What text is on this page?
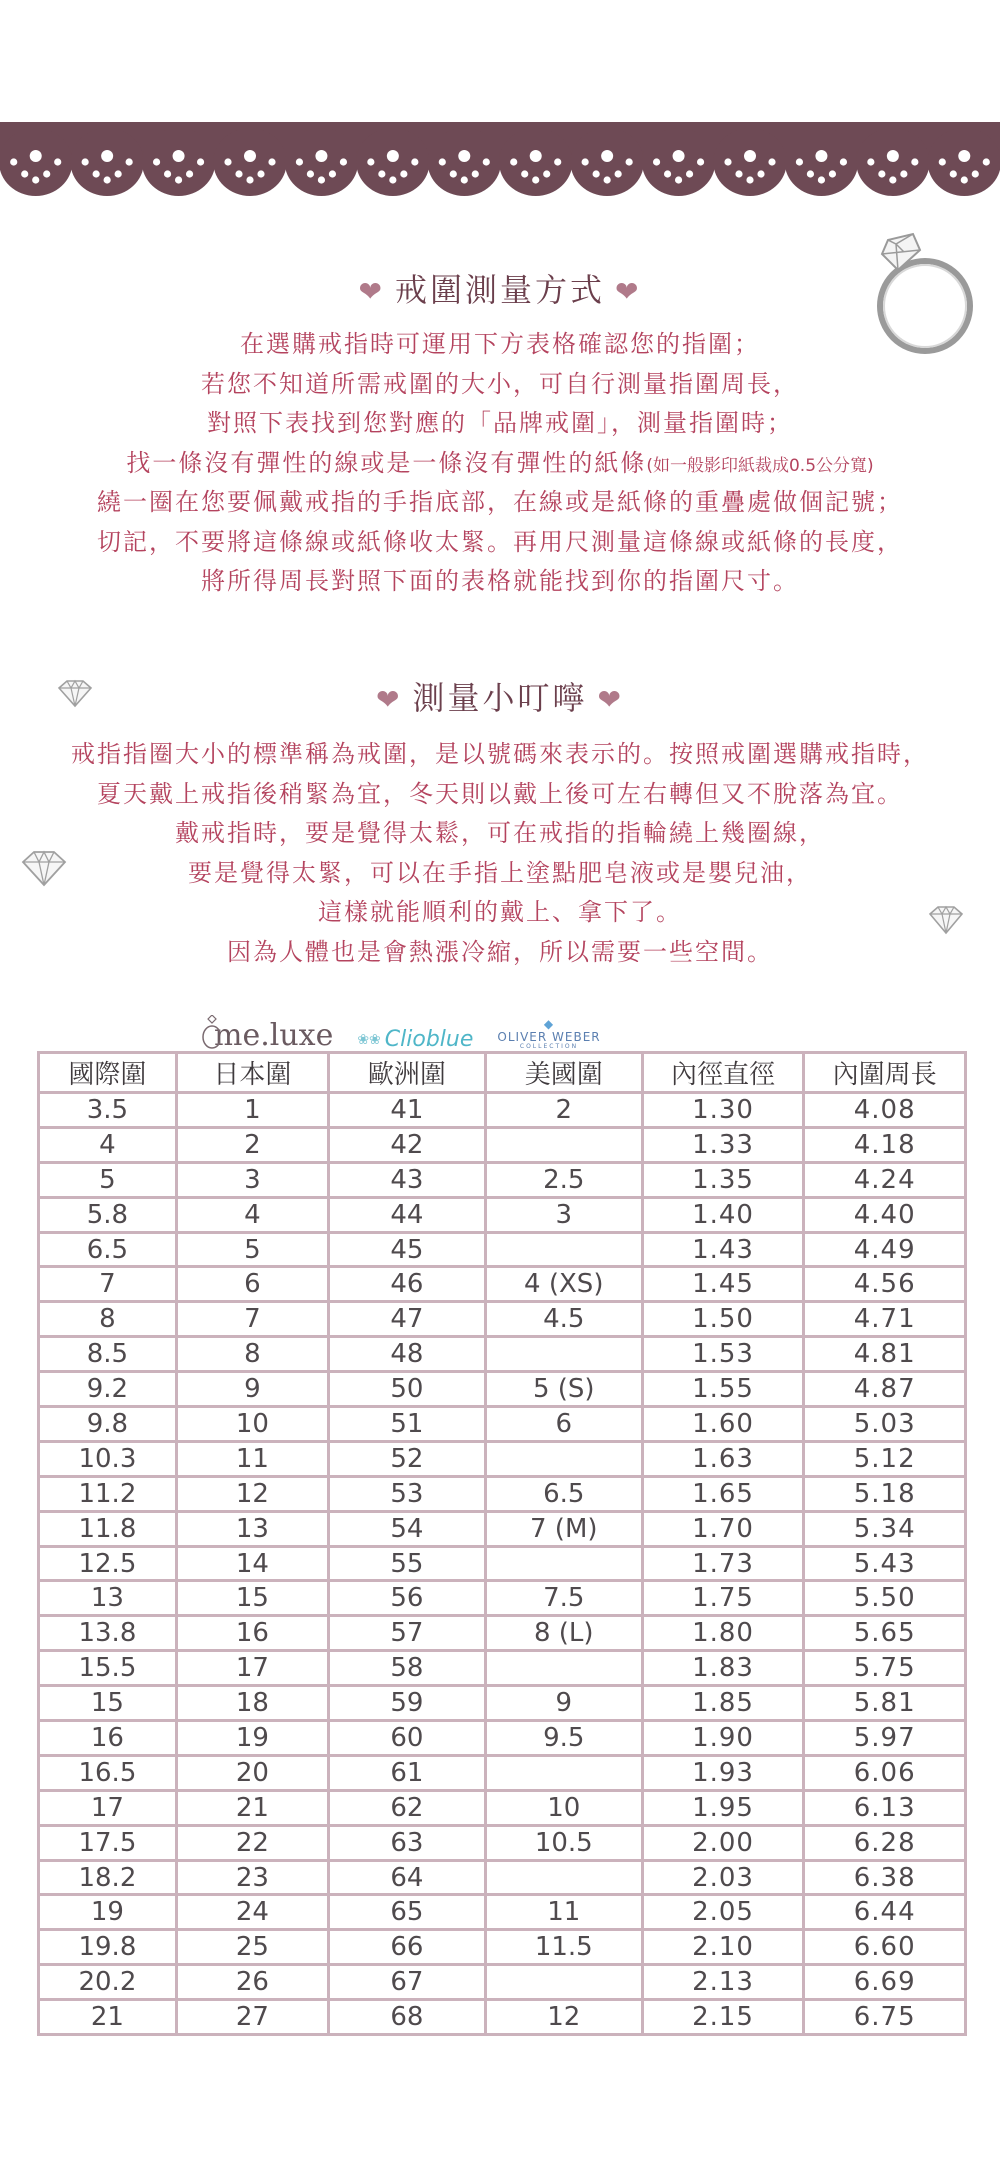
❤ 戒圍測量方式 ❤
在選購戒指時可運用下方表格確認您的指圍；
若您不知道所需戒圍的大小，可自行測量指圍周長，
對照下表找到您對應的「品牌戒圍」，測量指圍時；
找一條沒有彈性的線或是一條沒有彈性的紙條(如一般影印紙裁成0.5公分寬)
繞一圈在您要佩戴戒指的手指底部，在線或是紙條的重疊處做個記號；
切記，不要將這條線或紙條收太緊。再用尺測量這條線或紙條的長度，
將所得周長對照下面的表格就能找到你的指圍尺寸。
❤ 測量小叮嚀 ❤
戒指指圈大小的標準稱為戒圍，是以號碼來表示的。按照戒圍選購戒指時，
夏天戴上戒指後稍緊為宜，冬天則以戴上後可左右轉但又不脫落為宜。
戴戒指時，要是覺得太鬆，可在戒指的指輪繞上幾圈線，
要是覺得太緊，可以在手指上塗點肥皂液或是嬰兒油，
這樣就能順利的戴上、拿下了。
因為人體也是會熱漲冷縮，所以需要一些空間。
me.luxe ❀❀ Clioblue
◆
OLIVER WEBER
COLLECTION
國際圍	日本圍	歐洲圍	美國圍	內徑直徑	內圍周長
3.5	1	41	2	1.30	4.08
4	2	42		1.33	4.18
5	3	43	2.5	1.35	4.24
5.8	4	44	3	1.40	4.40
6.5	5	45		1.43	4.49
7	6	46	4 (XS)	1.45	4.56
8	7	47	4.5	1.50	4.71
8.5	8	48		1.53	4.81
9.2	9	50	5 (S)	1.55	4.87
9.8	10	51	6	1.60	5.03
10.3	11	52		1.63	5.12
11.2	12	53	6.5	1.65	5.18
11.8	13	54	7 (M)	1.70	5.34
12.5	14	55		1.73	5.43
13	15	56	7.5	1.75	5.50
13.8	16	57	8 (L)	1.80	5.65
15.5	17	58		1.83	5.75
15	18	59	9	1.85	5.81
16	19	60	9.5	1.90	5.97
16.5	20	61		1.93	6.06
17	21	62	10	1.95	6.13
17.5	22	63	10.5	2.00	6.28
18.2	23	64		2.03	6.38
19	24	65	11	2.05	6.44
19.8	25	66	11.5	2.10	6.60
20.2	26	67		2.13	6.69
21	27	68	12	2.15	6.75
